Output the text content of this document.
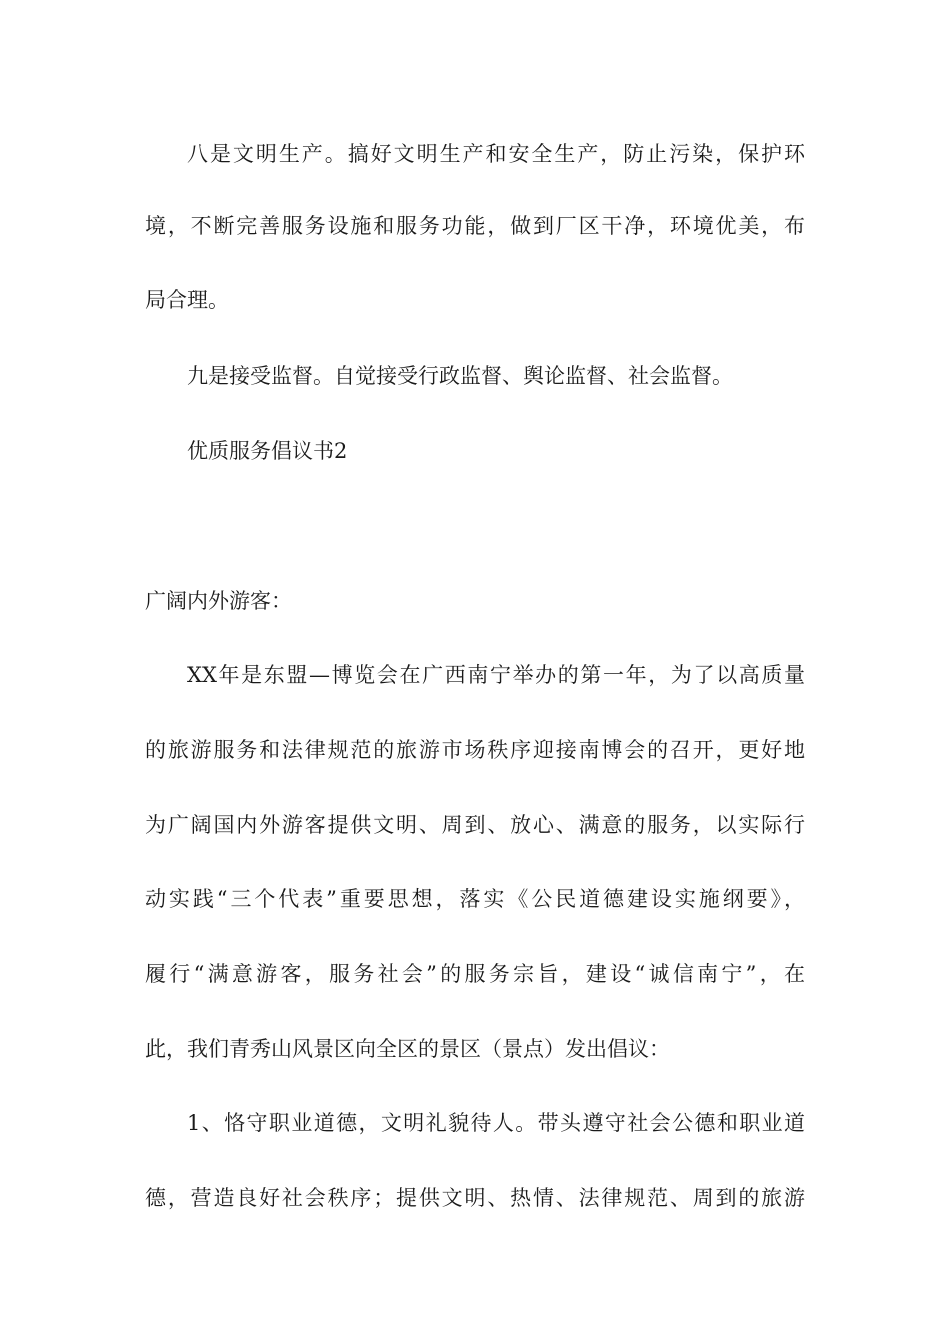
八是文明生产。搞好文明生产和安全生产，防止污染，保护环
境，不断完善服务设施和服务功能，做到厂区干净，环境优美，布
局合理。
九是接受监督。自觉接受行政监督、舆论监督、社会监督。
优质服务倡议书2
广阔内外游客：
XX年是东盟—博览会在广西南宁举办的第一年，为了以高质量
的旅游服务和法律规范的旅游市场秩序迎接南博会的召开，更好地
为广阔国内外游客提供文明、周到、放心、满意的服务，以实际行
动实践“三个代表”重要思想，落实《公民道德建设实施纲要》，
履行“满意游客，服务社会”的服务宗旨，建设“诚信南宁”，在
此，我们青秀山风景区向全区的景区（景点）发出倡议：
1、恪守职业道德，文明礼貌待人。带头遵守社会公德和职业道
德，营造良好社会秩序；提供文明、热情、法律规范、周到的旅游
